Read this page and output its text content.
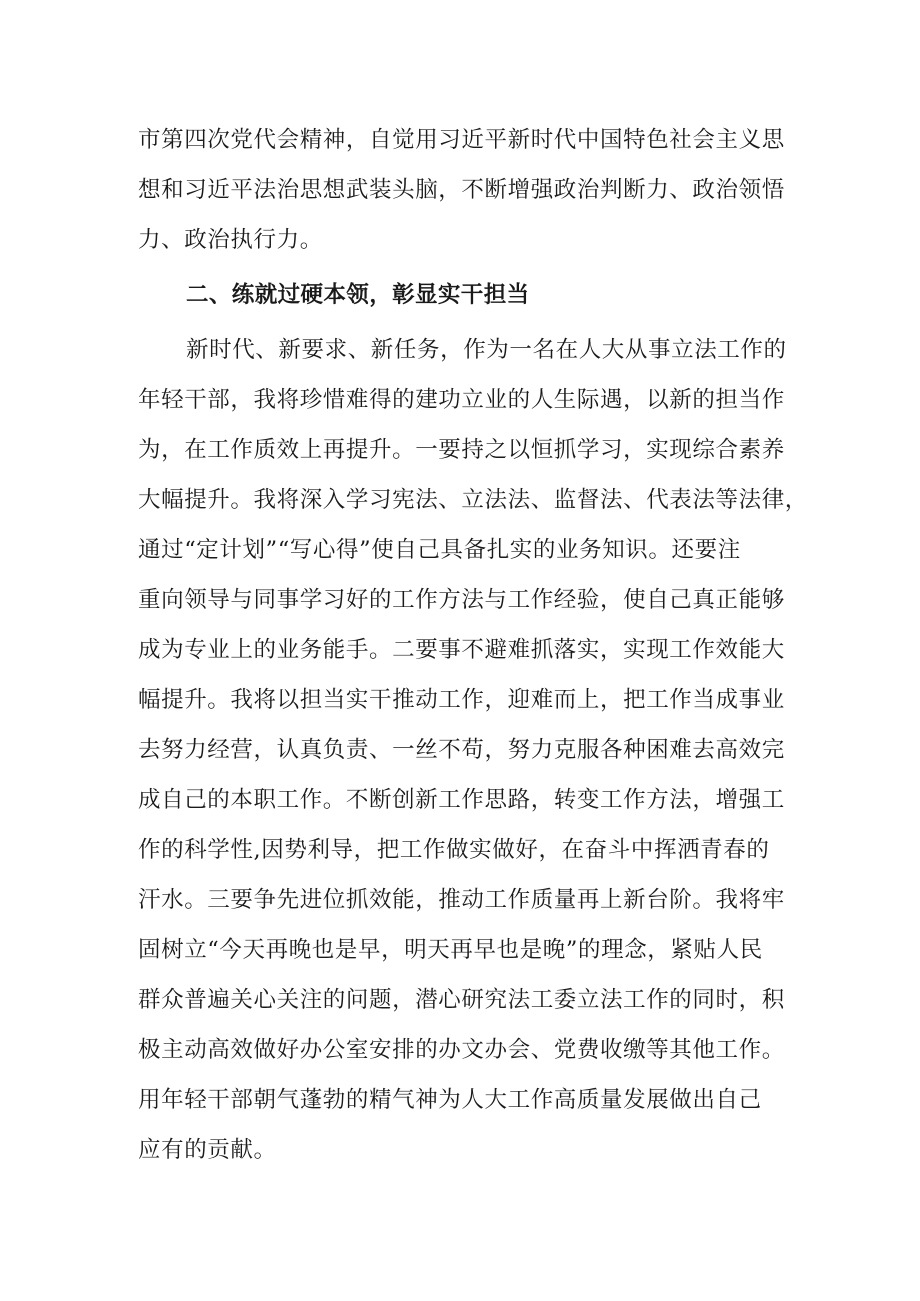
市第四次党代会精神，自觉用习近平新时代中国特色社会主义思
想和习近平法治思想武装头脑，不断增强政治判断力、政治领悟
力、政治执行力。
二、练就过硬本领，彰显实干担当
新时代、新要求、新任务，作为一名在人大从事立法工作的
年轻干部，我将珍惜难得的建功立业的人生际遇，以新的担当作
为，在工作质效上再提升。一要持之以恒抓学习，实现综合素养
大幅提升。我将深入学习宪法、立法法、监督法、代表法等法律，
通过“定计划”“写心得”使自己具备扎实的业务知识。还要注
重向领导与同事学习好的工作方法与工作经验，使自己真正能够
成为专业上的业务能手。二要事不避难抓落实，实现工作效能大
幅提升。我将以担当实干推动工作，迎难而上，把工作当成事业
去努力经营，认真负责、一丝不苟，努力克服各种困难去高效完
成自己的本职工作。不断创新工作思路，转变工作方法，增强工
作的科学性,因势利导，把工作做实做好，在奋斗中挥洒青春的
汗水。三要争先进位抓效能，推动工作质量再上新台阶。我将牢
固树立“今天再晚也是早，明天再早也是晚”的理念，紧贴人民
群众普遍关心关注的问题，潜心研究法工委立法工作的同时，积
极主动高效做好办公室安排的办文办会、党费收缴等其他工作。
用年轻干部朝气蓬勃的精气神为人大工作高质量发展做出自己
应有的贡献。
